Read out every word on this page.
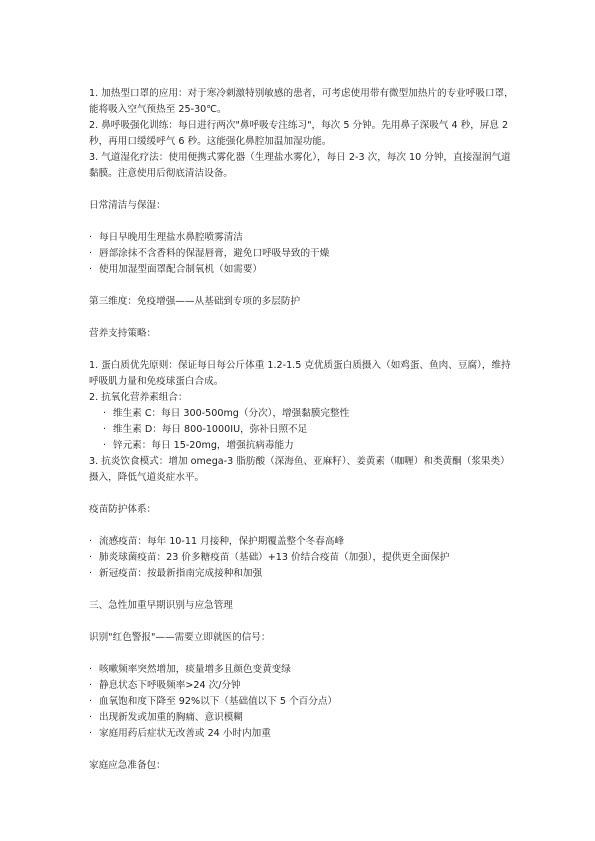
1. 加热型口罩的应用：对于寒冷刺激特别敏感的患者，可考虑使用带有微型加热片的专业呼吸口罩，能将吸入空气预热至 25-30℃。

2. 鼻呼吸强化训练：每日进行两次"鼻呼吸专注练习"，每次 5 分钟。先用鼻子深吸气 4 秒，屏息 2 秒，再用口缓缓呼气 6 秒。这能强化鼻腔加温加湿功能。

3. 气道湿化疗法：使用便携式雾化器（生理盐水雾化），每日 2-3 次，每次 10 分钟，直接湿润气道黏膜。注意使用后彻底清洁设备。

日常清洁与保湿：

· 每日早晚用生理盐水鼻腔喷雾清洁
· 唇部涂抹不含香料的保湿唇膏，避免口呼吸导致的干燥
· 使用加湿型面罩配合制氧机（如需要）

第三维度：免疫增强——从基础到专项的多层防护

营养支持策略：

1. 蛋白质优先原则：保证每日每公斤体重 1.2-1.5 克优质蛋白质摄入（如鸡蛋、鱼肉、豆腐），维持呼吸肌力量和免疫球蛋白合成。

2. 抗氧化营养素组合：

· 维生素 C：每日 300-500mg（分次），增强黏膜完整性
· 维生素 D：每日 800-1000IU，弥补日照不足
· 锌元素：每日 15-20mg，增强抗病毒能力

3. 抗炎饮食模式：增加 omega-3 脂肪酸（深海鱼、亚麻籽）、姜黄素（咖喱）和类黄酮（浆果类）摄入，降低气道炎症水平。

疫苗防护体系：

· 流感疫苗：每年 10-11 月接种，保护期覆盖整个冬春高峰
· 肺炎球菌疫苗：23 价多糖疫苗（基础）+13 价结合疫苗（加强），提供更全面保护
· 新冠疫苗：按最新指南完成接种和加强

三、急性加重早期识别与应急管理

识别"红色警报"——需要立即就医的信号：

· 咳嗽频率突然增加，痰量增多且颜色变黄变绿
· 静息状态下呼吸频率>24 次/分钟
· 血氧饱和度下降至 92%以下（基础值以下 5 个百分点）
· 出现新发或加重的胸痛、意识模糊
· 家庭用药后症状无改善或 24 小时内加重

家庭应急准备包：
